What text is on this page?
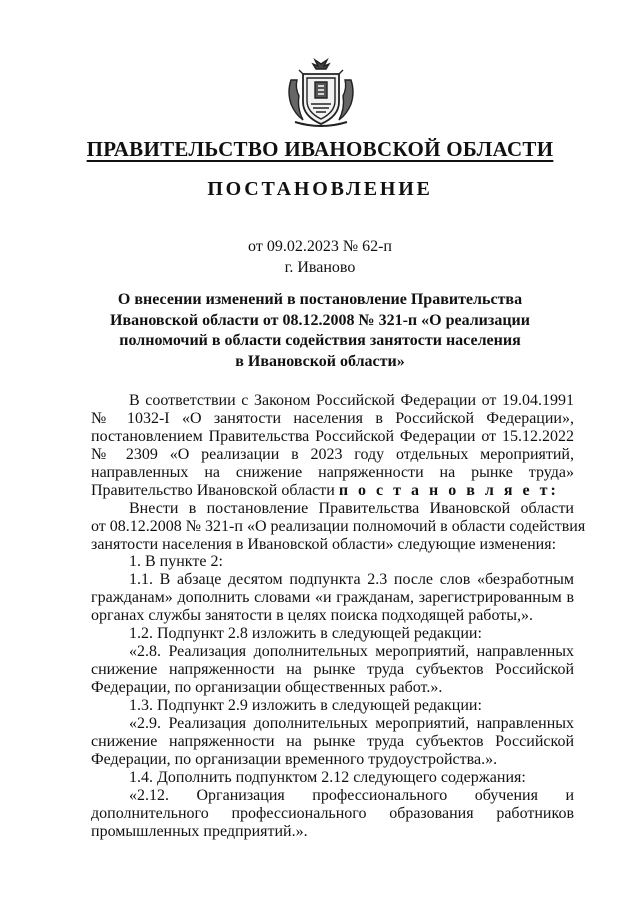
ПРАВИТЕЛЬСТВО ИВАНОВСКОЙ ОБЛАСТИ
ПОСТАНОВЛЕНИЕ
от 09.02.2023 № 62-п
г. Иваново
О внесении изменений в постановление Правительства
Ивановской области от 08.12.2008 № 321-п «О реализации
полномочий в области содействия занятости населения
в Ивановской области»
В соответствии с Законом Российской Федерации от 19.04.1991
№ 1032-I «О занятости населения в Российской Федерации»,
постановлением Правительства Российской Федерации от 15.12.2022
№ 2309 «О реализации в 2023 году отдельных мероприятий,
направленных на снижение напряженности на рынке труда»
Правительство Ивановской области п о с т а н о в л я е т:
Внести в постановление Правительства Ивановской области
от 08.12.2008 № 321-п «О реализации полномочий в области содействия
занятости населения в Ивановской области» следующие изменения:
1. В пункте 2:
1.1. В абзаце десятом подпункта 2.3 после слов «безработным
гражданам» дополнить словами «и гражданам, зарегистрированным в
органах службы занятости в целях поиска подходящей работы,».
1.2. Подпункт 2.8 изложить в следующей редакции:
«2.8. Реализация дополнительных мероприятий, направленных
снижение напряженности на рынке труда субъектов Российской
Федерации, по организации общественных работ.».
1.3. Подпункт 2.9 изложить в следующей редакции:
«2.9. Реализация дополнительных мероприятий, направленных
снижение напряженности на рынке труда субъектов Российской
Федерации, по организации временного трудоустройства.».
1.4. Дополнить подпунктом 2.12 следующего содержания:
«2.12. Организация профессионального обучения и
дополнительного профессионального образования работников
промышленных предприятий.».
